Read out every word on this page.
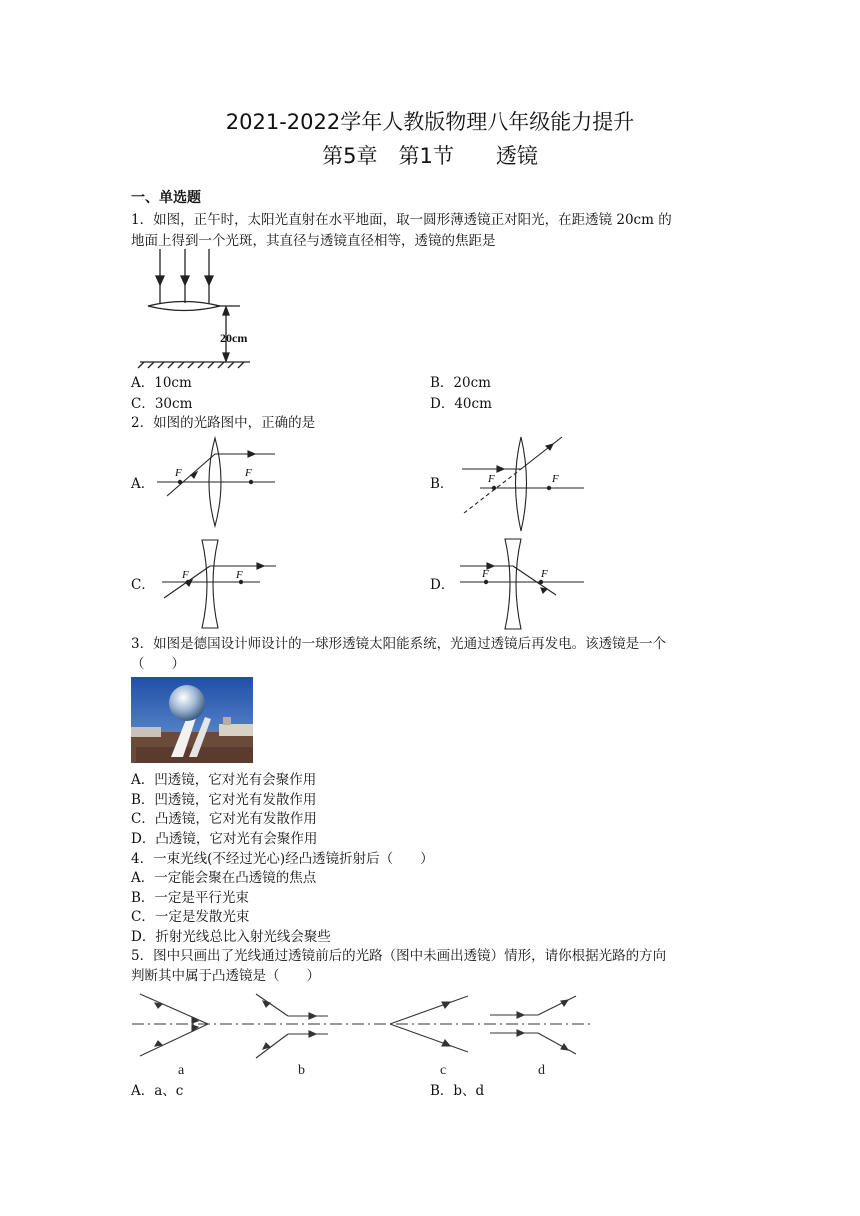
2021-2022学年人教版物理八年级能力提升
第5章　第1节　　透镜
一、单选题
1．如图，正午时，太阳光直射在水平地面，取一圆形薄透镜正对阳光，在距透镜 20cm 的
地面上得到一个光斑，其直径与透镜直径相等，透镜的焦距是
20cm
A．10cm	B．20cm
C．30cm	D．40cm
2．如图的光路图中，正确的是
A．
F	F
B．	F	F
C．
F	F
D．
F	F
3．如图是德国设计师设计的一球形透镜太阳能系统，光通过透镜后再发电。该透镜是一个
（　　）
A．凹透镜，它对光有会聚作用
B．凹透镜，它对光有发散作用
C．凸透镜，它对光有发散作用
D．凸透镜，它对光有会聚作用
4．一束光线(不经过光心)经凸透镜折射后（　　）
A．一定能会聚在凸透镜的焦点
B．一定是平行光束
C．一定是发散光束
D．折射光线总比入射光线会聚些
5．图中只画出了光线通过透镜前后的光路（图中未画出透镜）情形，请你根据光路的方向
判断其中属于凸透镜是（　　）
a	b	c	d
A．a、c	B．b、d
